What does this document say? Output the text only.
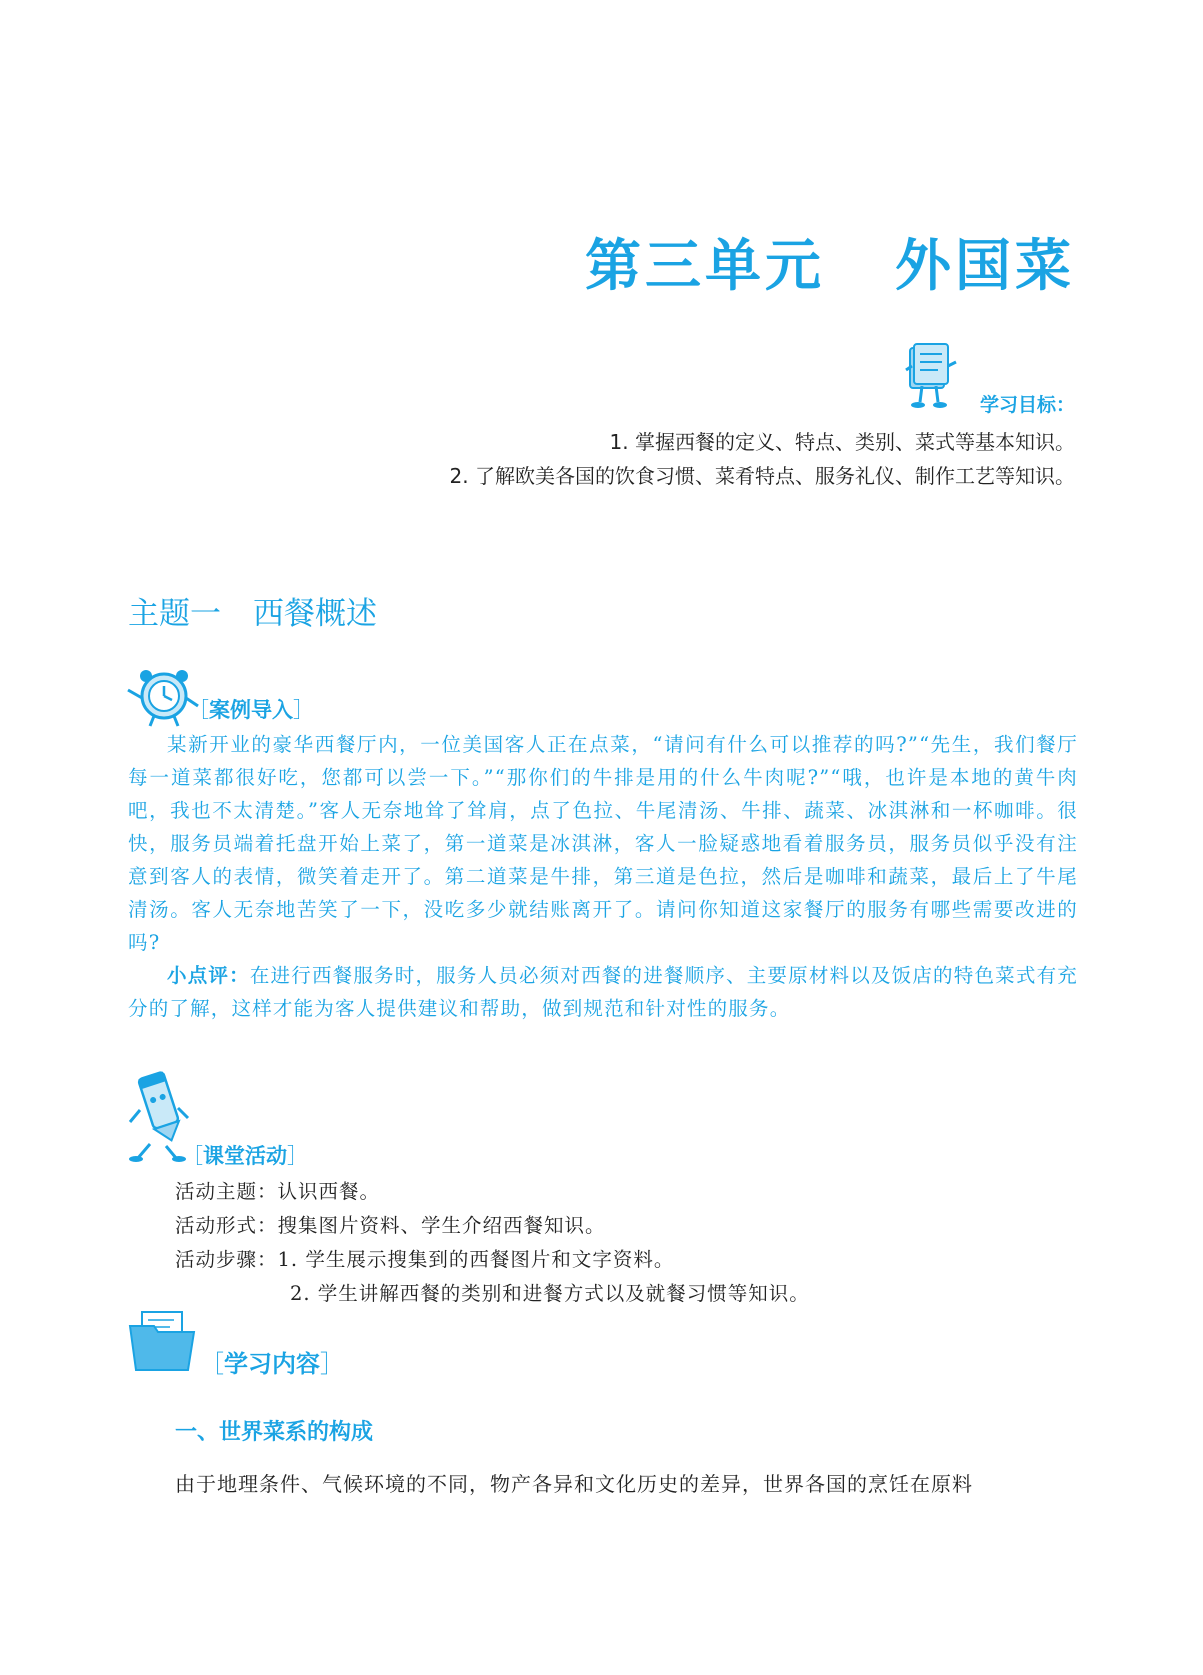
第三单元 外国菜
学习目标：
1. 掌握西餐的定义、特点、类别、菜式等基本知识。
2. 了解欧美各国的饮食习惯、菜肴特点、服务礼仪、制作工艺等知识。
主题一 西餐概述
［案例导入］

某新开业的豪华西餐厅内，一位美国客人正在点菜，“请问有什么可以推荐的吗?”“先生，我们餐厅每一道菜都很好吃，您都可以尝一下。”“那你们的牛排是用的什么牛肉呢?”“哦，也许是本地的黄牛肉吧，我也不太清楚。”客人无奈地耸了耸肩，点了色拉、牛尾清汤、牛排、蔬菜、冰淇淋和一杯咖啡。很快，服务员端着托盘开始上菜了，第一道菜是冰淇淋，客人一脸疑惑地看着服务员，服务员似乎没有注意到客人的表情，微笑着走开了。第二道菜是牛排，第三道是色拉，然后是咖啡和蔬菜，最后上了牛尾清汤。客人无奈地苦笑了一下，没吃多少就结账离开了。请问你知道这家餐厅的服务有哪些需要改进的吗?

小点评：在进行西餐服务时，服务人员必须对西餐的进餐顺序、主要原材料以及饭店的特色菜式有充分的了解，这样才能为客人提供建议和帮助，做到规范和针对性的服务。

［课堂活动］
活动主题：认识西餐。
活动形式：搜集图片资料、学生介绍西餐知识。
活动步骤：1. 学生展示搜集到的西餐图片和文字资料。
2. 学生讲解西餐的类别和进餐方式以及就餐习惯等知识。
［学习内容］
一、世界菜系的构成
由于地理条件、气候环境的不同，物产各异和文化历史的差异，世界各国的烹饪在原料
